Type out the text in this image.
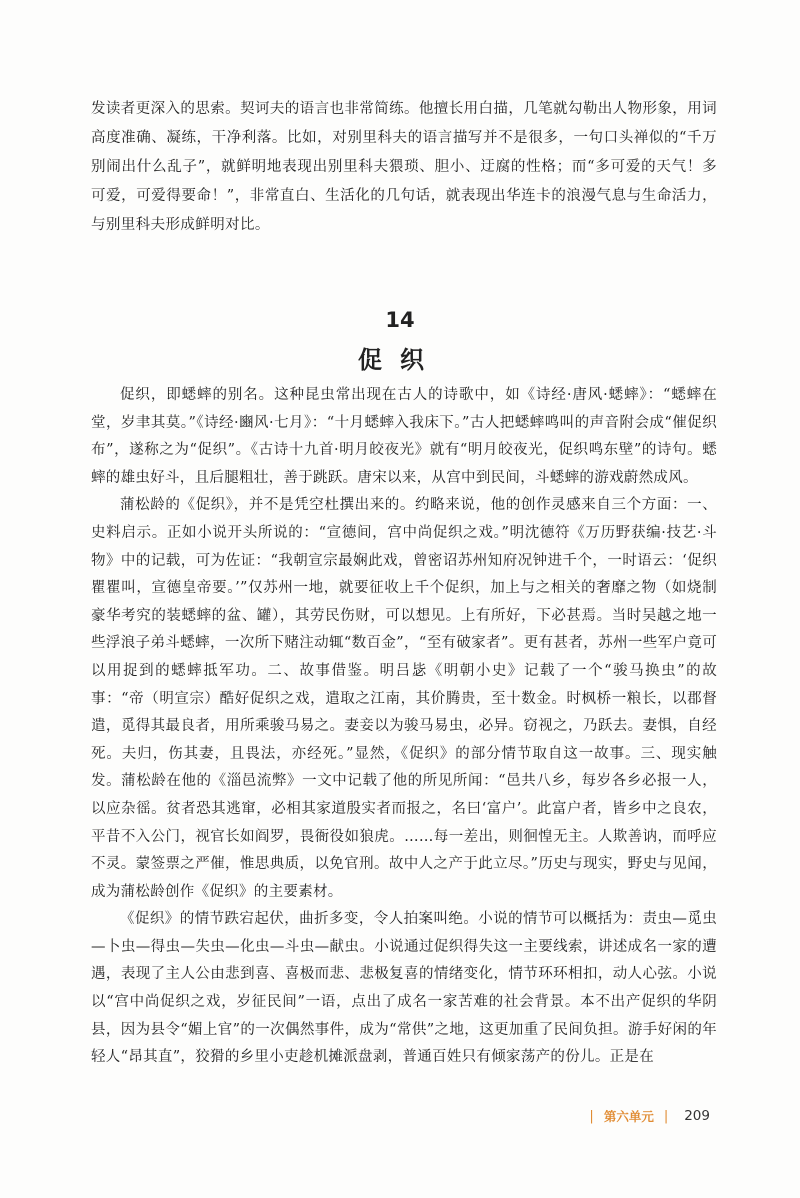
发读者更深入的思索。契诃夫的语言也非常简练。他擅长用白描，几笔就勾勒出人物形象，用词高度准确、凝练，干净利落。比如，对别里科夫的语言描写并不是很多，一句口头禅似的“千万别闹出什么乱子”，就鲜明地表现出别里科夫猥琐、胆小、迂腐的性格；而“多可爱的天气！多可爱，可爱得要命！”，非常直白、生活化的几句话，就表现出华连卡的浪漫气息与生命活力，与别里科夫形成鲜明对比。
14
促织

促织，即蟋蟀的别名。这种昆虫常出现在古人的诗歌中，如《诗经·唐风·蟋蟀》：“蟋蟀在堂，岁聿其莫。”《诗经·豳风·七月》：“十月蟋蟀入我床下。”古人把蟋蟀鸣叫的声音附会成“催促织布”，遂称之为“促织”。《古诗十九首·明月皎夜光》就有“明月皎夜光，促织鸣东壁”的诗句。蟋蟀的雄虫好斗，且后腿粗壮，善于跳跃。唐宋以来，从宫中到民间，斗蟋蟀的游戏蔚然成风。

蒲松龄的《促织》，并不是凭空杜撰出来的。约略来说，他的创作灵感来自三个方面：一、史料启示。正如小说开头所说的：“宣德间，宫中尚促织之戏。”明沈德符《万历野获编·技艺·斗物》中的记载，可为佐证：“我朝宣宗最娴此戏，曾密诏苏州知府况钟进千个，一时语云：‘促织瞿瞿叫，宣德皇帝要。’”仅苏州一地，就要征收上千个促织，加上与之相关的奢靡之物（如烧制豪华考究的装蟋蟀的盆、罐），其劳民伤财，可以想见。上有所好，下必甚焉。当时吴越之地一些浮浪子弟斗蟋蟀，一次所下赌注动辄“数百金”，“至有破家者”。更有甚者，苏州一些军户竟可以用捉到的蟋蟀抵军功。二、故事借鉴。明吕毖《明朝小史》记载了一个“骏马换虫”的故事：“帝（明宣宗）酷好促织之戏，遣取之江南，其价腾贵，至十数金。时枫桥一粮长，以郡督遣，觅得其最良者，用所乘骏马易之。妻妾以为骏马易虫，必异。窃视之，乃跃去。妻惧，自经死。夫归，伤其妻，且畏法，亦经死。”显然，《促织》的部分情节取自这一故事。三、现实触发。蒲松龄在他的《淄邑流弊》一文中记载了他的所见所闻：“邑共八乡，每岁各乡必报一人，以应杂徭。贫者恐其逃窜，必相其家道殷实者而报之，名曰‘富户’。此富户者，皆乡中之良农，平昔不入公门，视官长如阎罗，畏衙役如狼虎。……每一差出，则徊惶无主。人欺善讷，而呼应不灵。蒙签票之严催，惟思典质，以免官刑。故中人之产于此立尽。”历史与现实，野史与见闻，成为蒲松龄创作《促织》的主要素材。

《促织》的情节跌宕起伏，曲折多变，令人拍案叫绝。小说的情节可以概括为：责虫—觅虫—卜虫—得虫—失虫—化虫—斗虫—献虫。小说通过促织得失这一主要线索，讲述成名一家的遭遇，表现了主人公由悲到喜、喜极而悲、悲极复喜的情绪变化，情节环环相扣，动人心弦。小说以“宫中尚促织之戏，岁征民间”一语，点出了成名一家苦难的社会背景。本不出产促织的华阴县，因为县令“媚上官”的一次偶然事件，成为“常供”之地，这更加重了民间负担。游手好闲的年轻人“昂其直”，狡猾的乡里小吏趁机摊派盘剥，普通百姓只有倾家荡产的份儿。正是在

| 第六单元 | 209
